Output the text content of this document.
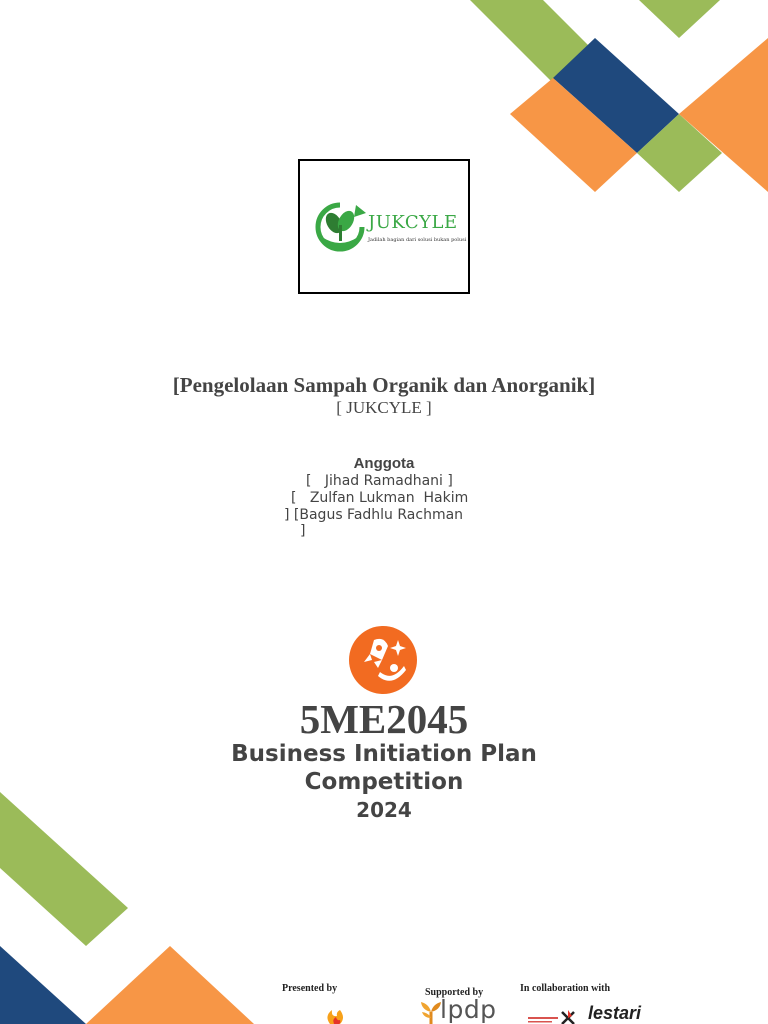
JUKCYLE
Jadilah bagian dari solusi bukan polusi
[Pengelolaan Sampah Organik dan Anorganik]
[ JUKCYLE ]
Anggota
[   Jihad Ramadhani ]
[   Zulfan Lukman  Hakim
] [Bagus Fadhlu Rachman
]
5ME2045
Business Initiation Plan
Competition
2024
Presented by	Supported by
lpdp
In collaboration with
lestari
